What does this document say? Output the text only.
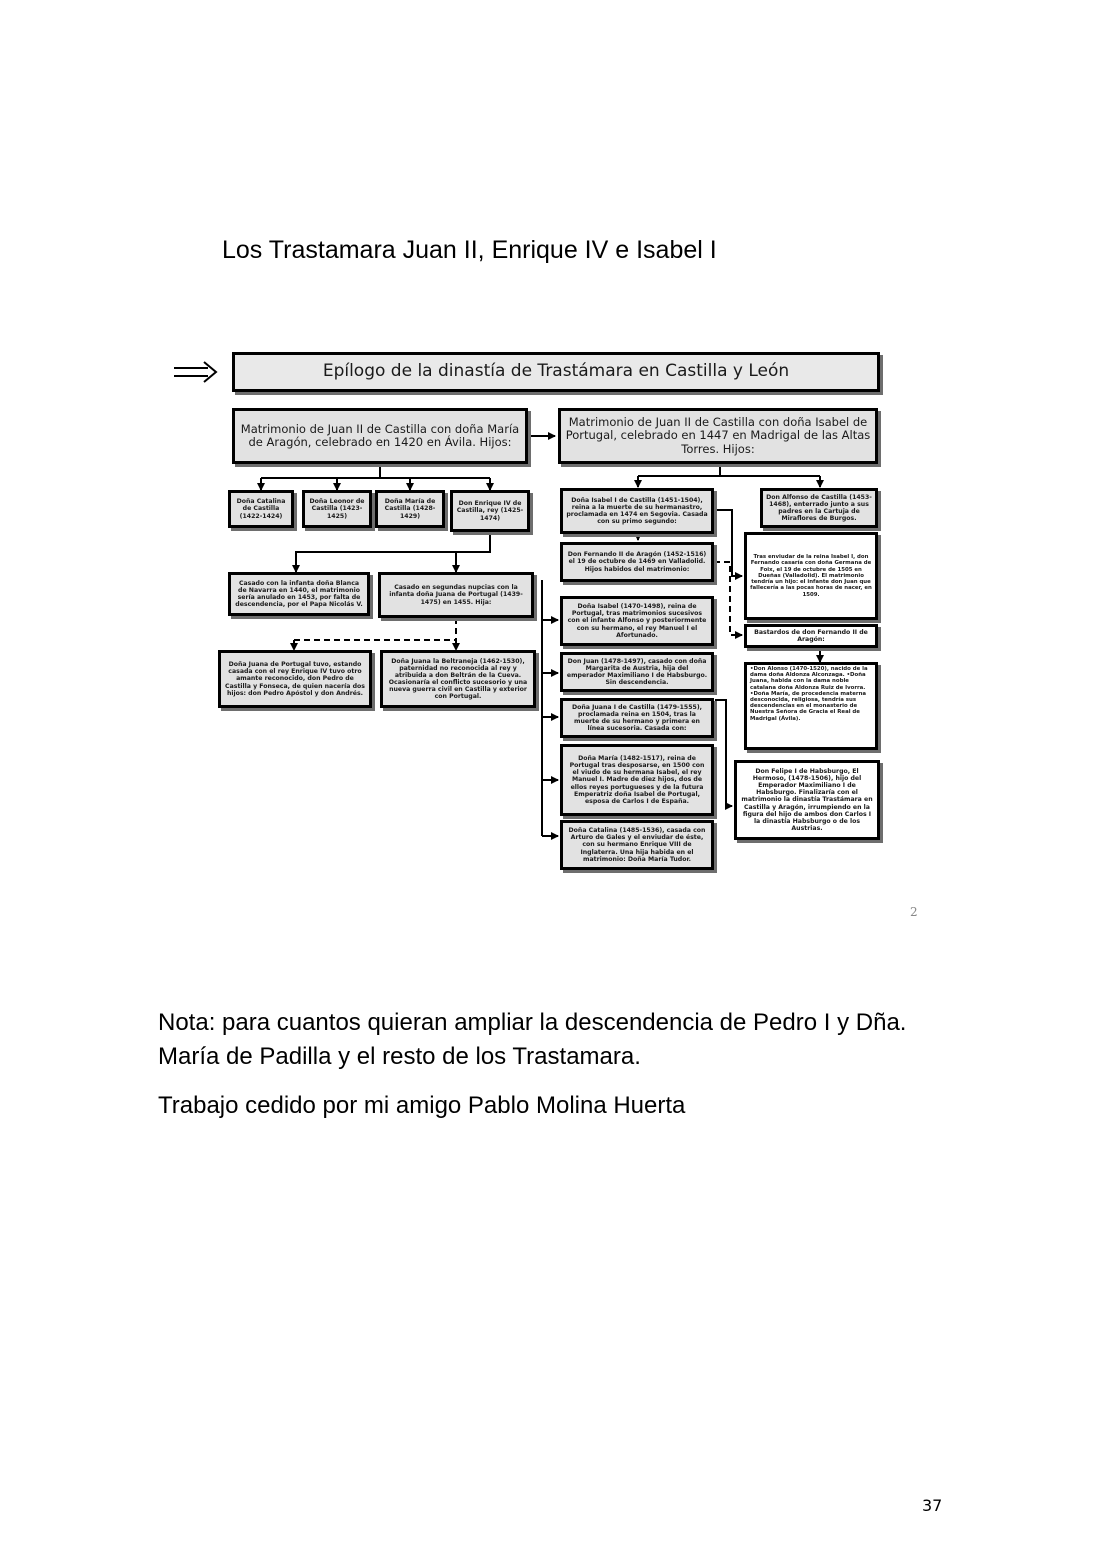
Los Trastamara Juan II, Enrique IV e Isabel I
Epílogo de la dinastía de Trastámara en Castilla y León
Matrimonio de Juan II de Castilla con doña María de Aragón, celebrado en 1420 en Ávila. Hijos:
Matrimonio de Juan II de Castilla con doña Isabel de Portugal, celebrado en 1447 en Madrigal de las Altas Torres. Hijos:
Doña Catalina de Castilla (1422-1424)
Doña Leonor de Castilla (1423-1425)
Doña María de Castilla (1428-1429)
Don Enrique IV de Castilla, rey (1425-1474)
Doña Isabel I de Castilla (1451-1504), reina a la muerte de su hermanastro, proclamada en 1474 en Segovia. Casada con su primo segundo:
Don Alfonso de Castilla (1453-1468), enterrado junto a sus padres en la Cartuja de Miraflores de Burgos.
Don Fernando II de Aragón (1452-1516) el 19 de octubre de 1469 en Valladolid. Hijos habidos del matrimonio:
Tras enviudar de la reina Isabel I, don Fernando casaría con doña Germana de Foix, el 19 de octubre de 1505 en Dueñas (Valladolid). El matrimonio tendría un hijo: el infante don Juan que fallecería a las pocas horas de nacer, en 1509.
Casado con la infanta doña Blanca de Navarra en 1440, el matrimonio sería anulado en 1453, por falta de descendencia, por el Papa Nicolás V.
Casado en segundas nupcias con la infanta doña Juana de Portugal (1439-1475) en 1455. Hija:
Doña Isabel (1470-1498), reina de Portugal, tras matrimonios sucesivos con el infante Alfonso y posteriormente con su hermano, el rey Manuel I el Afortunado.	Bastardos de don Fernando II de Aragón:
Doña Juana de Portugal tuvo, estando casada con el rey Enrique IV tuvo otro amante reconocido, don Pedro de Castilla y Fonseca, de quien nacería dos hijos: don Pedro Apóstol y don Andrés.
Doña Juana la Beltraneja (1462-1530), paternidad no reconocida al rey y atribuida a don Beltrán de la Cueva. Ocasionaría el conflicto sucesorio y una nueva guerra civil en Castilla y exterior con Portugal.
Don Juan (1478-1497), casado con doña Margarita de Austria, hija del emperador Maximiliano I de Habsburgo. Sin descendencia.
•Don Alonso (1470-1520), nacido de la dama doña Aldonza Alconzaga. •Doña Juana, habida con la dama noble catalana doña Aldonza Ruiz de Ivorra. •Doña María, de procedencia materna desconocida, religiosa, tendría sus descendencias en el monasterio de Nuestra Señora de Gracia el Real de Madrigal (Ávila).
Doña Juana I de Castilla (1479-1555), proclamada reina en 1504, tras la muerte de su hermano y primera en línea sucesoria. Casada con:
Don Felipe I de Habsburgo, El Hermoso, (1478-1506), hijo del Emperador Maximiliano I de Habsburgo. Finalizaría con el matrimonio la dinastía Trastámara en Castilla y Aragón, irrumpiendo en la figura del hijo de ambos don Carlos I la dinastía Habsburgo o de los Austrias.
Doña María (1482-1517), reina de Portugal tras desposarse, en 1500 con el viudo de su hermana Isabel, el rey Manuel I. Madre de diez hijos, dos de ellos reyes portugueses y de la futura Emperatriz doña Isabel de Portugal, esposa de Carlos I de España.
Doña Catalina (1485-1536), casada con Arturo de Gales y el enviudar de éste, con su hermano Enrique VIII de Inglaterra. Una hija habida en el matrimonio: Doña María Tudor.
2
Nota: para cuantos quieran ampliar la descendencia de Pedro I y Dña. María de Padilla y el resto de los Trastamara.
Trabajo cedido por mi amigo Pablo Molina Huerta
37
